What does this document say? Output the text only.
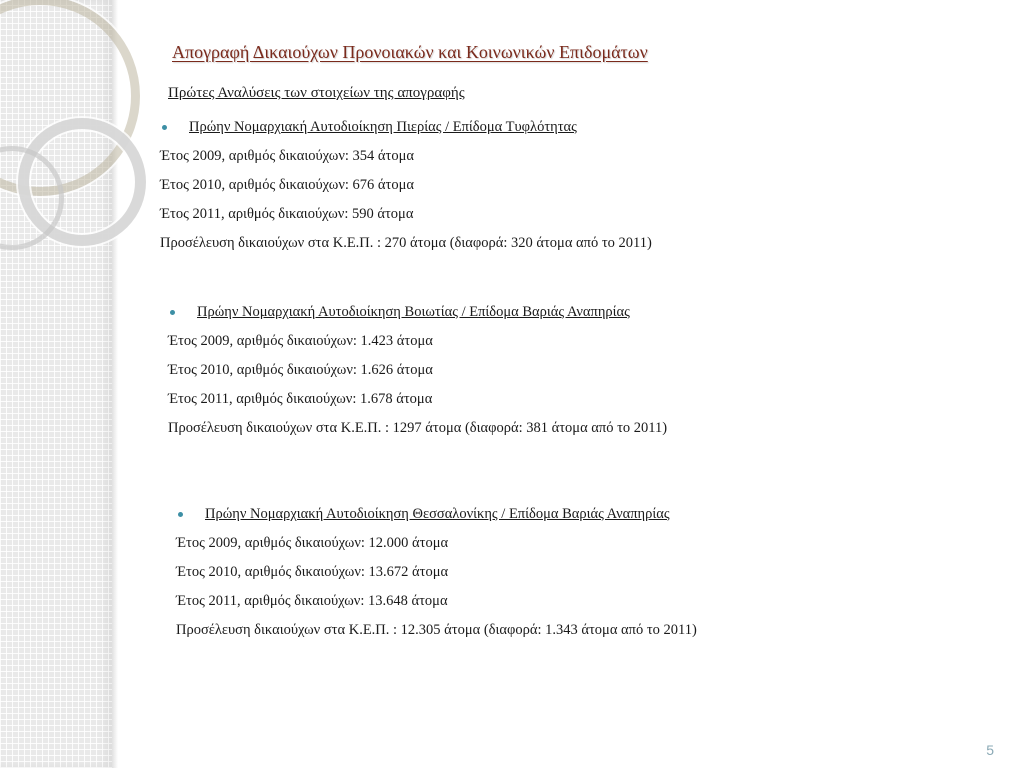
Απογραφή Δικαιούχων Προνοιακών και Κοινωνικών Επιδομάτων

Πρώτες Αναλύσεις των στοιχείων της απογραφής

Πρώην Νομαρχιακή Αυτοδιοίκηση Πιερίας / Επίδομα Τυφλότητας
Έτος 2009, αριθμός δικαιούχων: 354 άτομα
Έτος 2010, αριθμός δικαιούχων: 676 άτομα
Έτος 2011, αριθμός δικαιούχων: 590 άτομα
Προσέλευση δικαιούχων στα Κ.Ε.Π. : 270 άτομα (διαφορά: 320 άτομα από το 2011)
Πρώην Νομαρχιακή Αυτοδιοίκηση Βοιωτίας / Επίδομα Βαριάς Αναπηρίας
Έτος 2009, αριθμός δικαιούχων: 1.423 άτομα
Έτος 2010, αριθμός δικαιούχων: 1.626 άτομα
Έτος 2011, αριθμός δικαιούχων: 1.678 άτομα
Προσέλευση δικαιούχων στα Κ.Ε.Π. : 1297 άτομα (διαφορά: 381 άτομα από το 2011)
Πρώην Νομαρχιακή Αυτοδιοίκηση Θεσσαλονίκης / Επίδομα Βαριάς Αναπηρίας
Έτος 2009, αριθμός δικαιούχων: 12.000 άτομα
Έτος 2010, αριθμός δικαιούχων: 13.672 άτομα
Έτος 2011, αριθμός δικαιούχων: 13.648 άτομα
Προσέλευση δικαιούχων στα Κ.Ε.Π. : 12.305 άτομα (διαφορά: 1.343 άτομα από το 2011)
5
